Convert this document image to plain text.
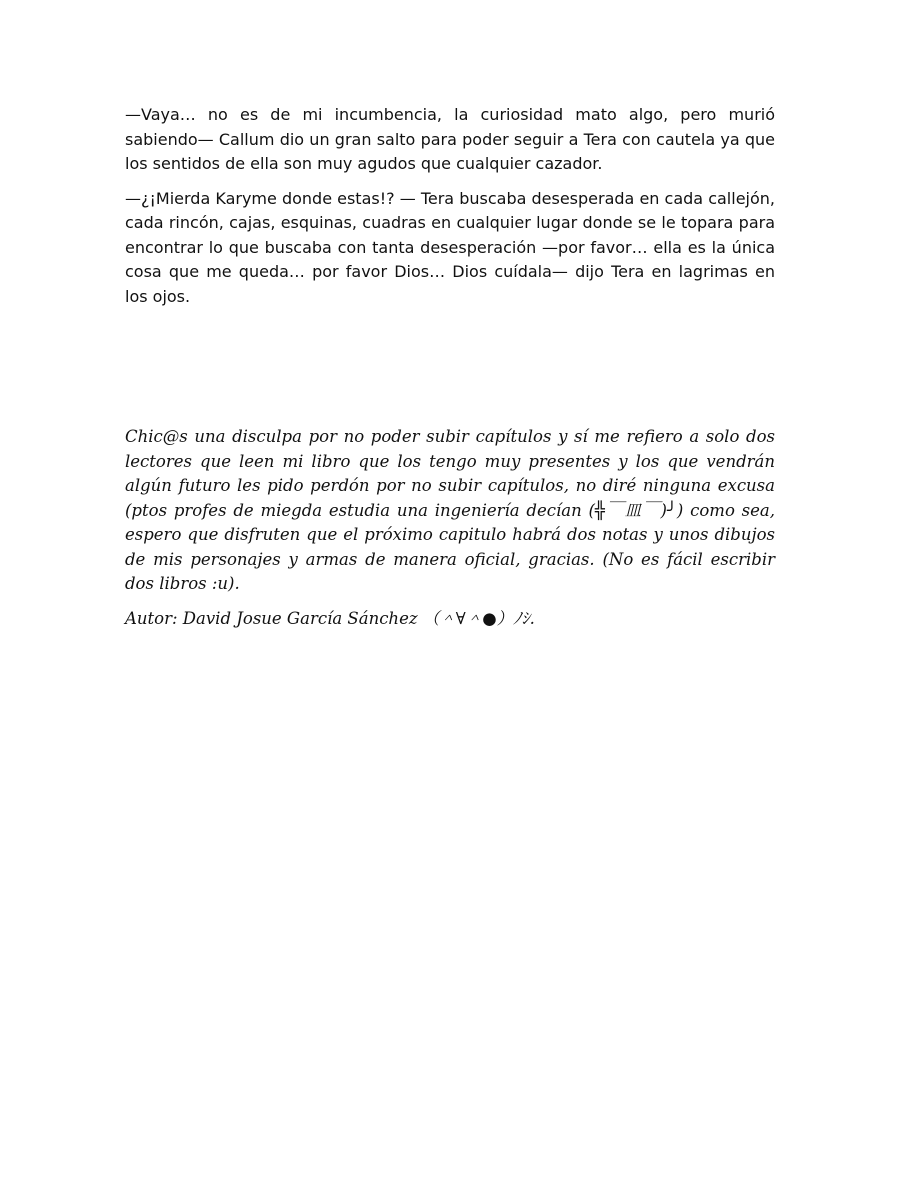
—Vaya… no es de mi incumbencia, la curiosidad mato algo, pero murió sabiendo— Callum dio un gran salto para poder seguir a Tera con cautela ya que los sentidos de ella son muy agudos que cualquier cazador.

—¿¡Mierda Karyme donde estas!? — Tera buscaba desesperada en cada callejón, cada rincón, cajas, esquinas, cuadras en cualquier lugar donde se le topara para encontrar lo que buscaba con tanta desesperación —por favor… ella es la única cosa que me queda… por favor Dios… Dios cuídala— dijo Tera en lagrimas en los ojos.

Chic@s una disculpa por no poder subir capítulos y sí me refiero a solo dos lectores que leen mi libro que los tengo muy presentes y los que vendrán algún futuro les pido perdón por no subir capítulos, no diré ninguna excusa (ptos profes de miegda estudia una ingeniería decían (╬￣皿￣)╯) como sea, espero que disfruten que el próximo capitulo habrá dos notas y unos dibujos de mis personajes y armas de manera oficial, gracias. (No es fácil escribir dos libros :u).

Autor: David Josue García Sánchez （＾∀＾●）ﾉｼ.
